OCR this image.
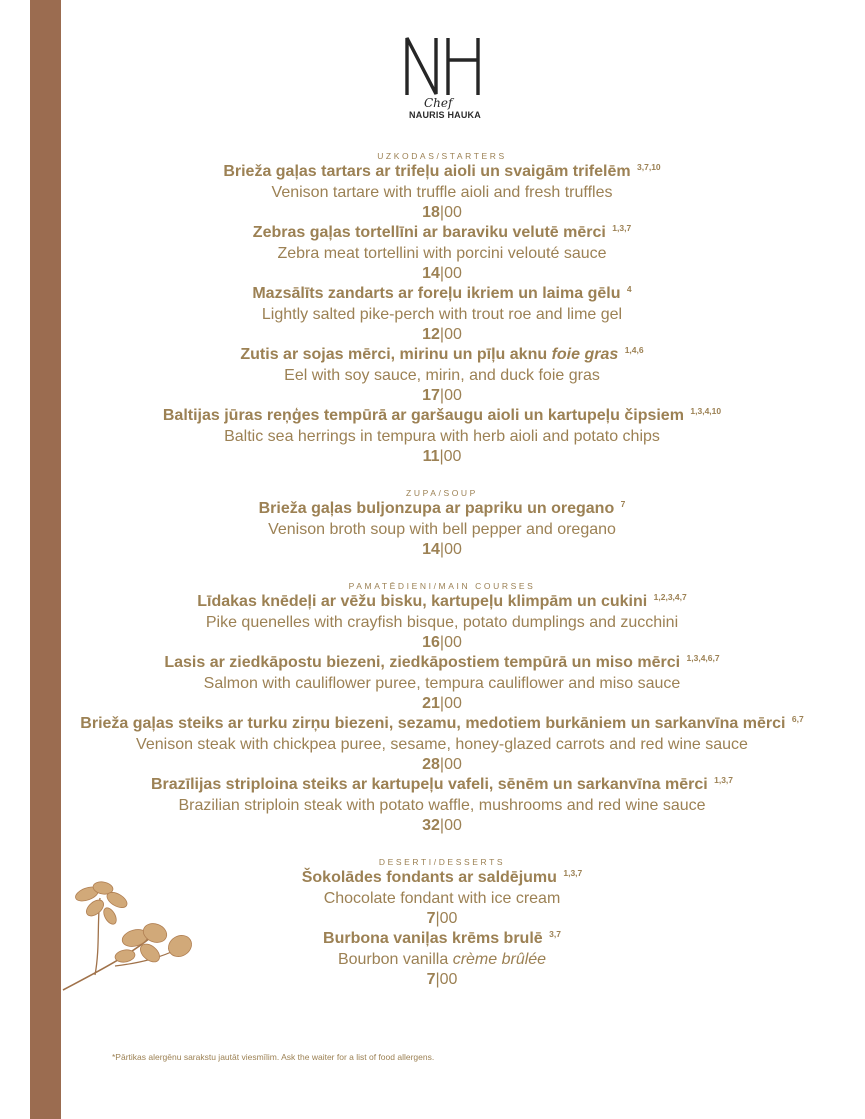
Chef
NAURIS HAUKA
UZKODAS/STARTERS
Brieža gaļas tartars ar trifeļu aioli un svaigām trifelēm $^{3,7,10}$
Venison tartare with truffle aioli and fresh truffles
18|00
Zebras gaļas tortellīni ar baraviku velutē mērci $^{1,3,7}$
Zebra meat tortellini with porcini velouté sauce
14|00
Mazsālīts zandarts ar foreļu ikriem un laima gēlu $^4$
Lightly salted pike-perch with trout roe and lime gel
12|00
Zutis ar sojas mērci, mirinu un pīļu aknu foie gras $^{1,4,6}$
Eel with soy sauce, mirin, and duck foie gras
17|00
Baltijas jūras reņģes tempūrā ar garšaugu aioli un kartupeļu čipsiem $^{1,3,4,10}$
Baltic sea herrings in tempura with herb aioli and potato chips
11|00
ZUPA/SOUP
Brieža gaļas buljonzupa ar papriku un oregano $^7$
Venison broth soup with bell pepper and oregano
14|00
PAMATĒDIENI/MAIN COURSES
Līdakas knēdeļi ar vēžu bisku, kartupeļu klimpām un cukini $^{1,2,3,4,7}$
Pike quenelles with crayfish bisque, potato dumplings and zucchini
16|00
Lasis ar ziedkāpostu biezeni, ziedkāpostiem tempūrā un miso mērci $^{1,3,4,6,7}$
Salmon with cauliflower puree, tempura cauliflower and miso sauce
21|00
Brieža gaļas steiks ar turku zirņu biezeni, sezamu, medotiem burkāniem un sarkanvīna mērci $^{6,7}$
Venison steak with chickpea puree, sesame, honey-glazed carrots and red wine sauce
28|00
Brazīlijas striploina steiks ar kartupeļu vafeli, sēnēm un sarkanvīna mērci $^{1,3,7}$
Brazilian striploin steak with potato waffle, mushrooms and red wine sauce
32|00
DESERTI/DESSERTS
Šokolādes fondants ar saldējumu $^{1,3,7}$
Chocolate fondant with ice cream
7|00
Burbona vaniļas krēms brulē $^{3,7}$
Bourbon vanilla crème brûlée
7|00
*Pārtikas alergēnu sarakstu jautāt viesmīlim. Ask the waiter for a list of food allergens.
